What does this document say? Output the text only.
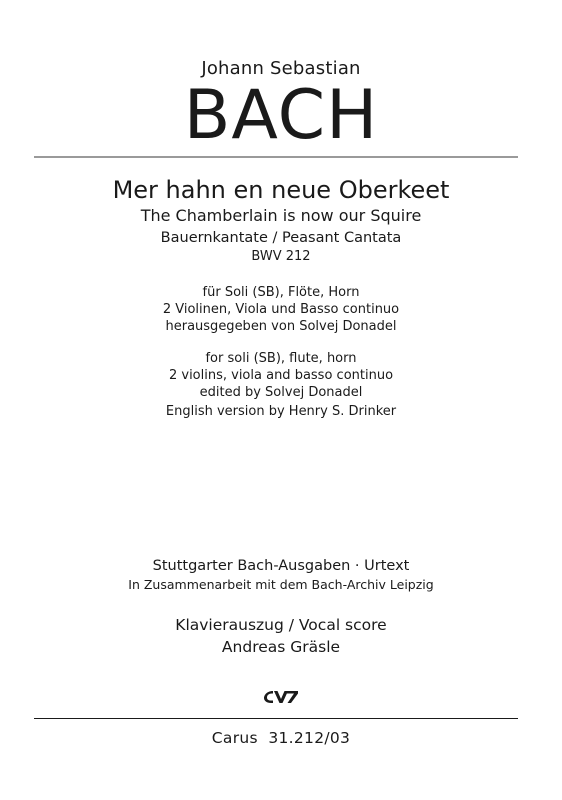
Johann Sebastian
BACH
Mer hahn en neue Oberkeet
The Chamberlain is now our Squire
Bauernkantate / Peasant Cantata
BWV 212
für Soli (SB), Flöte, Horn
2 Violinen, Viola und Basso continuo
herausgegeben von Solvej Donadel
for soli (SB), flute, horn
2 violins, viola and basso continuo
edited by Solvej Donadel
English version by Henry S. Drinker
Stuttgarter Bach-Ausgaben · Urtext
In Zusammenarbeit mit dem Bach-Archiv Leipzig
Klavierauszug / Vocal score
Andreas Gräsle
Carus  31.212/03
